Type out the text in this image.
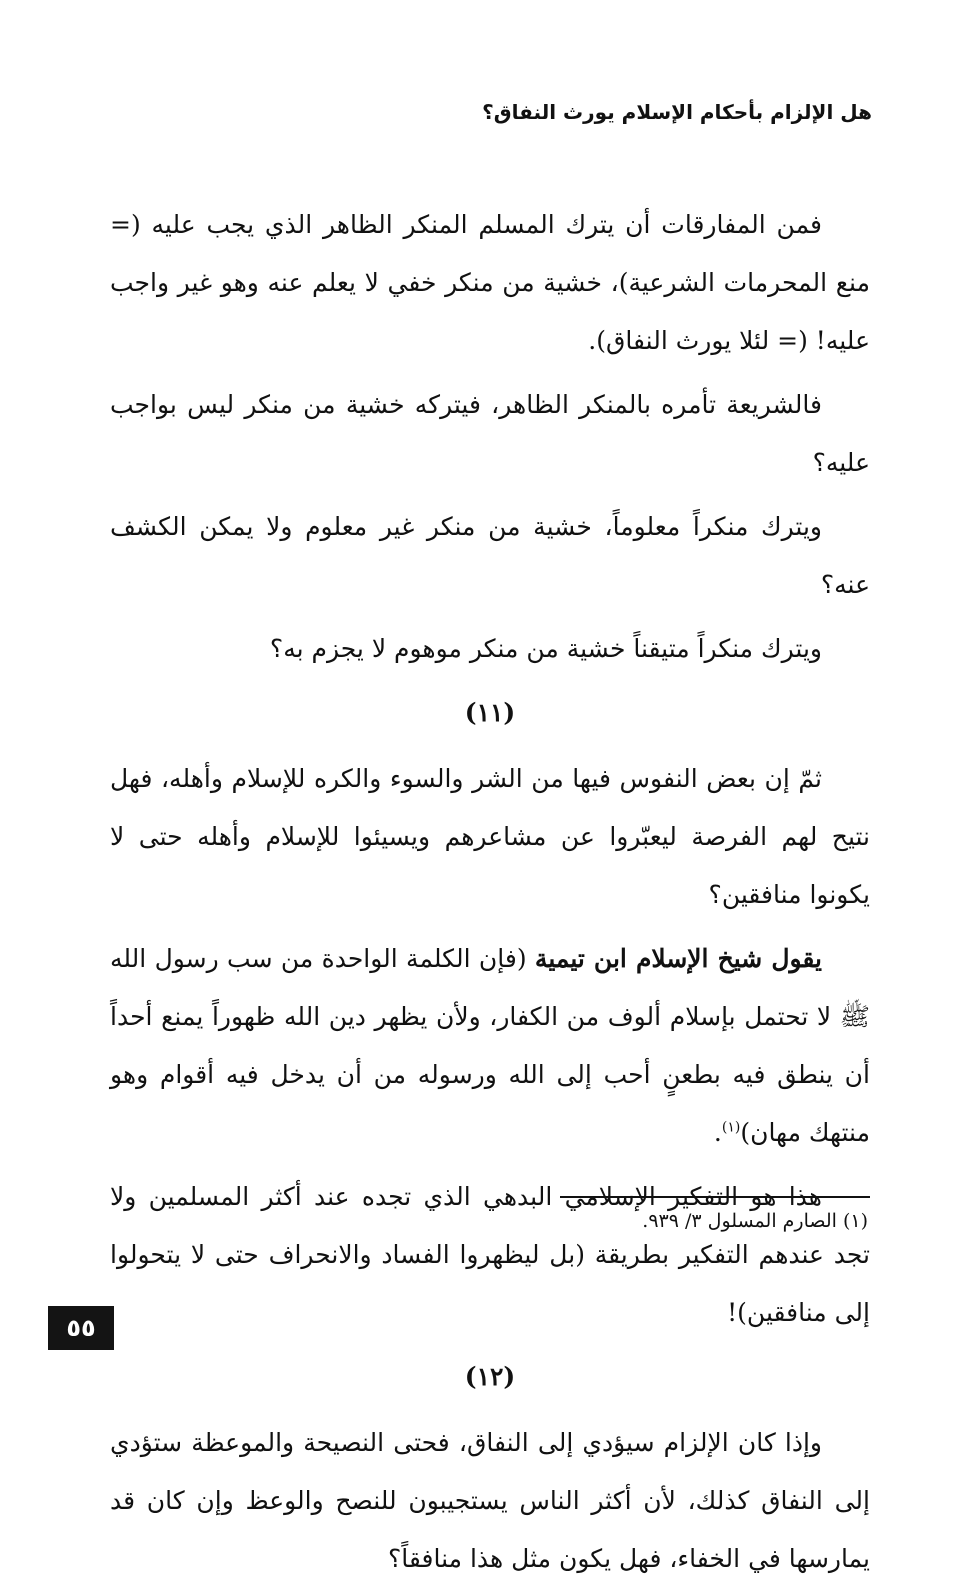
هل الإلزام بأحكام الإسلام يورث النفاق؟

فمن المفارقات أن يترك المسلم المنكر الظاهر الذي يجب عليه (= منع المحرمات الشرعية)، خشية من منكر خفي لا يعلم عنه وهو غير واجب عليه! (= لئلا يورث النفاق).

فالشريعة تأمره بالمنكر الظاهر، فيتركه خشية من منكر ليس بواجب عليه؟

ويترك منكراً معلوماً، خشية من منكر غير معلوم ولا يمكن الكشف عنه؟

ويترك منكراً متيقناً خشية من منكر موهوم لا يجزم به؟

(١١)

ثمّ إن بعض النفوس فيها من الشر والسوء والكره للإسلام وأهله، فهل نتيح لهم الفرصة ليعبّروا عن مشاعرهم ويسيئوا للإسلام وأهله حتى لا يكونوا منافقين؟

يقول شيخ الإسلام ابن تيمية (فإن الكلمة الواحدة من سب رسول الله ﷺ لا تحتمل بإسلام ألوف من الكفار، ولأن يظهر دين الله ظهوراً يمنع أحداً أن ينطق فيه بطعنٍ أحب إلى الله ورسوله من أن يدخل فيه أقوام وهو منتهك مهان)$^{(١)}$.

هذا هو التفكير الإسلامي البدهي الذي تجده عند أكثر المسلمين ولا تجد عندهم التفكير بطريقة (بل ليظهروا الفساد والانحراف حتى لا يتحولوا إلى منافقين)!

(١٢)

وإذا كان الإلزام سيؤدي إلى النفاق، فحتى النصيحة والموعظة ستؤدي إلى النفاق كذلك، لأن أكثر الناس يستجيبون للنصح والوعظ وإن كان قد يمارسها في الخفاء، فهل يكون مثل هذا منافقاً؟

(١) الصارم المسلول ٣/ ٩٣٩.
٥٥
